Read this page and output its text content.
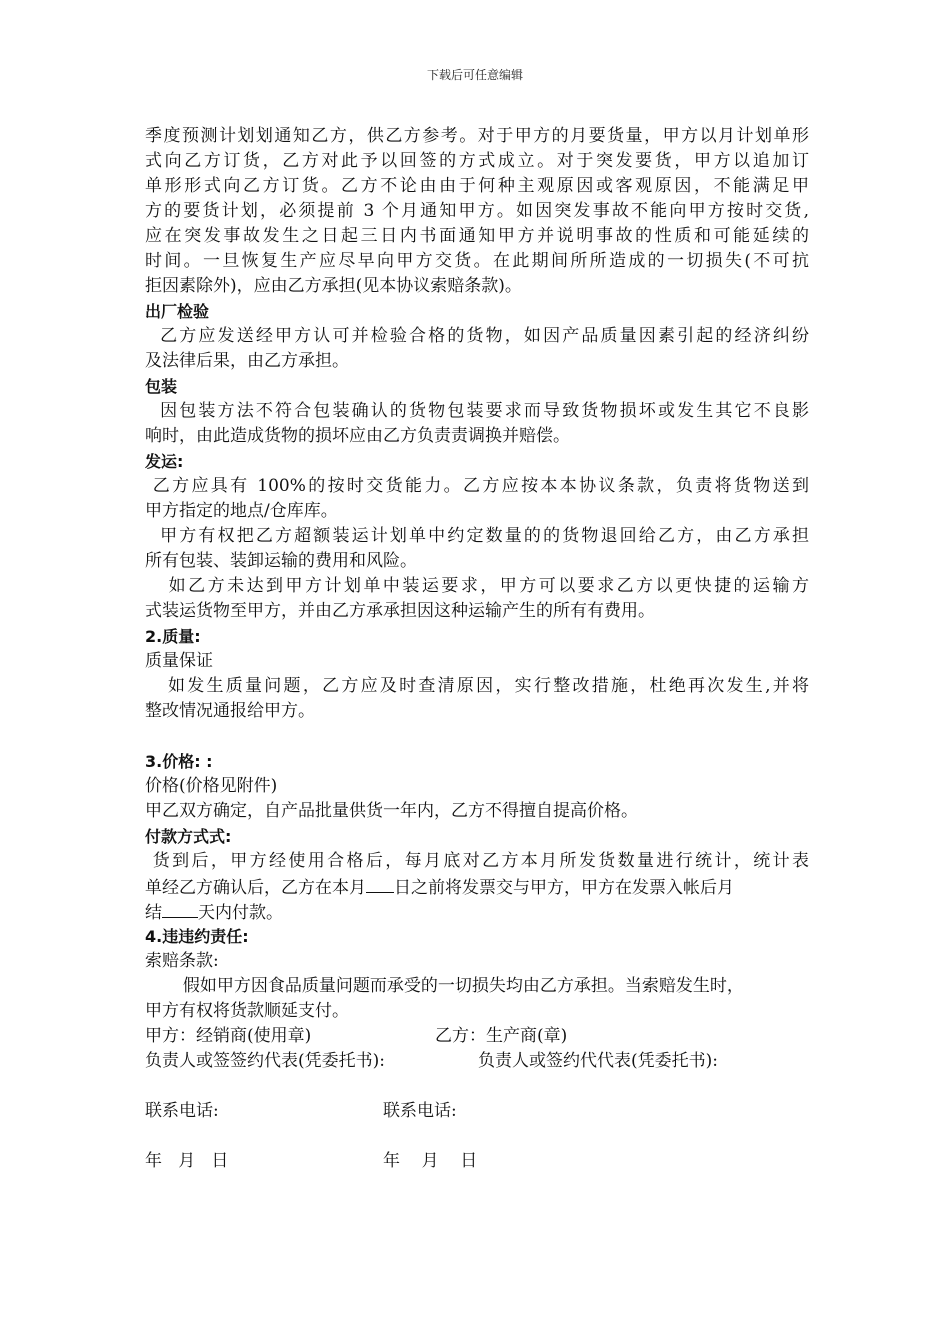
下载后可任意编辑
季度预测计划划通知乙方，供乙方参考。对于甲方的月要货量，甲方以月计划单形
式向乙方订货，乙方对此予以回签的方式成立。对于突发要货，甲方以追加订
单形形式向乙方订货。乙方不论由由于何种主观原因或客观原因，不能满足甲
方的要货计划，必须提前 3 个月通知甲方。如因突发事故不能向甲方按时交货,
应在突发事故发生之日起三日内书面通知甲方并说明事故的性质和可能延续的
时间。一旦恢复生产应尽早向甲方交货。在此期间所所造成的一切损失(不可抗
拒因素除外)，应由乙方承担(见本协议索赔条款)。
出厂检验
乙方应发送经甲方认可并检验合格的货物，如因产品质量因素引起的经济纠纷
及法律后果，由乙方承担。
包装
因包装方法不符合包装确认的货物包装要求而导致货物损坏或发生其它不良影
响时，由此造成货物的损坏应由乙方负责责调换并赔偿。
发运:
乙方应具有 100%的按时交货能力。乙方应按本本协议条款，负责将货物送到
甲方指定的地点/仓库库。
甲方有权把乙方超额装运计划单中约定数量的的货物退回给乙方，由乙方承担
所有包装、装卸运输的费用和风险。
如乙方未达到甲方计划单中装运要求，甲方可以要求乙方以更快捷的运输方
式装运货物至甲方，并由乙方承承担因这种运输产生的所有有费用。
2.质量:
质量保证
如发生质量问题，乙方应及时查清原因，实行整改措施，杜绝再次发生,并将
整改情况通报给甲方。
3.价格: :
价格(价格见附件)
甲乙双方确定，自产品批量供货一年内，乙方不得擅自提高价格。
付款方式式:
货到后，甲方经使用合格后，每月底对乙方本月所发货数量进行统计，统计表
单经乙方确认后，乙方在本月 日之前将发票交与甲方，甲方在发票入帐后月
结 天内付款。
4.违违约责任:
索赔条款:
假如甲方因食品质量问题而承受的一切损失均由乙方承担。当索赔发生时，
甲方有权将货款顺延支付。
甲方：经销商(使用章)	乙方：生产商(章)
负责人或签签约代表(凭委托书):	负责人或签约代代表(凭委托书):
联系电话:	联系电话:
年   月   日	年    月    日
